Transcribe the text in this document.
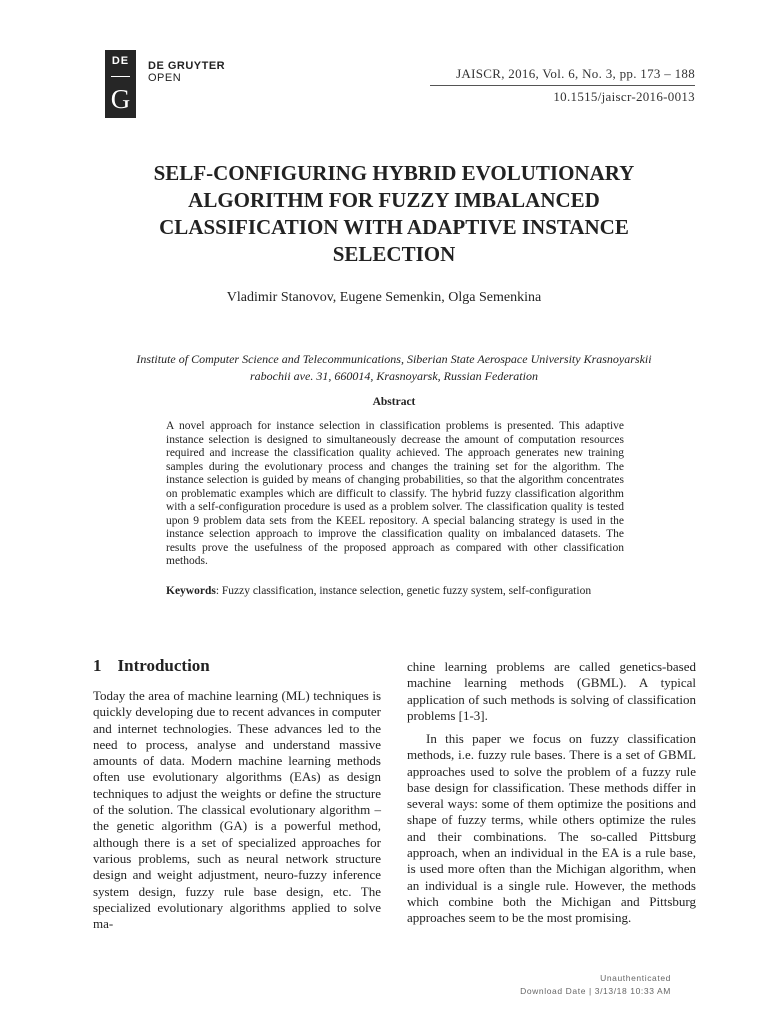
DE
G
DE GRUYTER
OPEN	JAISCR, 2016, Vol. 6, No. 3, pp. 173 – 188
10.1515/jaiscr-2016-0013
SELF-CONFIGURING HYBRID EVOLUTIONARY ALGORITHM FOR FUZZY IMBALANCED CLASSIFICATION WITH ADAPTIVE INSTANCE SELECTION
Vladimir Stanovov, Eugene Semenkin, Olga Semenkina
Institute of Computer Science and Telecommunications, Siberian State Aerospace University Krasnoyarskii rabochii ave. 31, 660014, Krasnoyarsk, Russian Federation
Abstract

A novel approach for instance selection in classification problems is presented. This adaptive instance selection is designed to simultaneously decrease the amount of computation resources required and increase the classification quality achieved. The approach generates new training samples during the evolutionary process and changes the training set for the algorithm. The instance selection is guided by means of changing probabilities, so that the algorithm concentrates on problematic examples which are difficult to classify. The hybrid fuzzy classification algorithm with a self-configuration procedure is used as a problem solver. The classification quality is tested upon 9 problem data sets from the KEEL repository. A special balancing strategy is used in the instance selection approach to improve the classification quality on imbalanced datasets. The results prove the usefulness of the proposed approach as compared with other classification methods.

Keywords: Fuzzy classification, instance selection, genetic fuzzy system, self-configuration
1 Introduction

Today the area of machine learning (ML) techniques is quickly developing due to recent advances in computer and internet technologies. These advances led to the need to process, analyse and understand massive amounts of data. Modern machine learning methods often use evolutionary algorithms (EAs) as design techniques to adjust the weights or define the structure of the solution. The classical evolutionary algorithm – the genetic algorithm (GA) is a powerful method, although there is a set of specialized approaches for various problems, such as neural network structure design and weight adjustment, neuro-fuzzy inference system design, fuzzy rule base design, etc. The specialized evolutionary algorithms applied to solve ma-

chine learning problems are called genetics-based machine learning methods (GBML). A typical application of such methods is solving of classification problems [1-3].

In this paper we focus on fuzzy classification methods, i.e. fuzzy rule bases. There is a set of GBML approaches used to solve the problem of a fuzzy rule base design for classification. These methods differ in several ways: some of them optimize the positions and shape of fuzzy terms, while others optimize the rules and their combinations. The so-called Pittsburg approach, when an individual in the EA is a rule base, is used more often than the Michigan algorithm, when an individual is a single rule. However, the methods which combine both the Michigan and Pittsburg approaches seem to be the most promising.

Unauthenticated
Download Date | 3/13/18 10:33 AM
